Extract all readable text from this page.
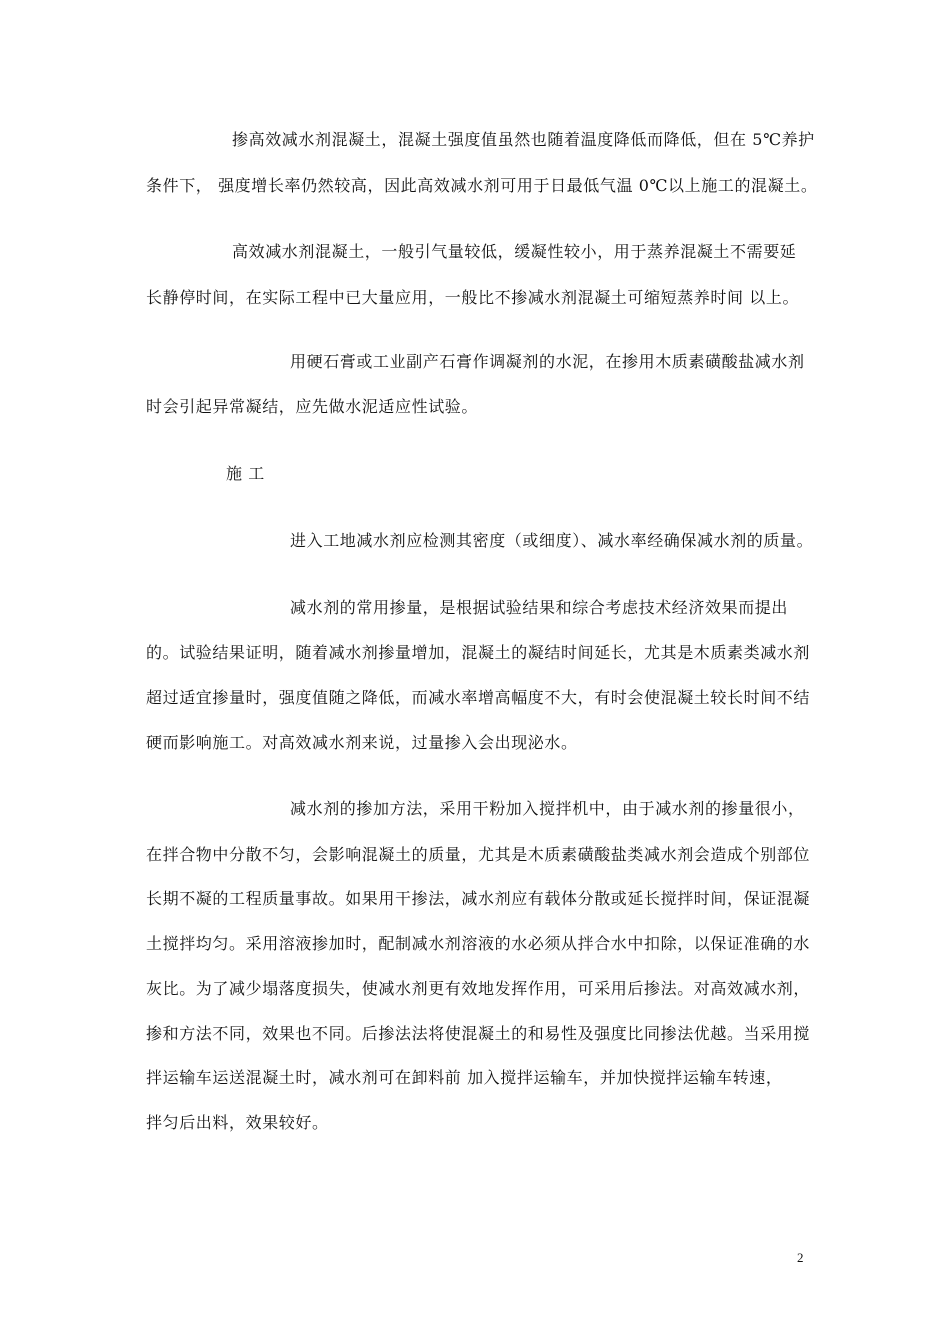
掺高效减水剂混凝土，混凝土强度值虽然也随着温度降低而降低，但在 5℃养护
条件下， 强度增长率仍然较高，因此高效减水剂可用于日最低气温 0℃以上施工的混凝土。
高效减水剂混凝土，一般引气量较低，缓凝性较小，用于蒸养混凝土不需要延
长静停时间，在实际工程中已大量应用，一般比不掺减水剂混凝土可缩短蒸养时间 以上。
用硬石膏或工业副产石膏作调凝剂的水泥，在掺用木质素磺酸盐减水剂
时会引起异常凝结，应先做水泥适应性试验。
施 工
进入工地减水剂应检测其密度（或细度）、减水率经确保减水剂的质量。
减水剂的常用掺量，是根据试验结果和综合考虑技术经济效果而提出
的。试验结果证明，随着减水剂掺量增加，混凝土的凝结时间延长，尤其是木质素类减水剂
超过适宜掺量时，强度值随之降低，而减水率增高幅度不大，有时会使混凝土较长时间不结
硬而影响施工。对高效减水剂来说，过量掺入会出现泌水。
减水剂的掺加方法，采用干粉加入搅拌机中，由于减水剂的掺量很小，
在拌合物中分散不匀，会影响混凝土的质量，尤其是木质素磺酸盐类减水剂会造成个别部位
长期不凝的工程质量事故。如果用干掺法，减水剂应有载体分散或延长搅拌时间，保证混凝
土搅拌均匀。采用溶液掺加时，配制减水剂溶液的水必须从拌合水中扣除，以保证准确的水
灰比。为了减少塌落度损失，使减水剂更有效地发挥作用，可采用后掺法。对高效减水剂，
掺和方法不同，效果也不同。后掺法法将使混凝土的和易性及强度比同掺法优越。当采用搅
拌运输车运送混凝土时，减水剂可在卸料前 加入搅拌运输车，并加快搅拌运输车转速，
拌匀后出料，效果较好。
2
